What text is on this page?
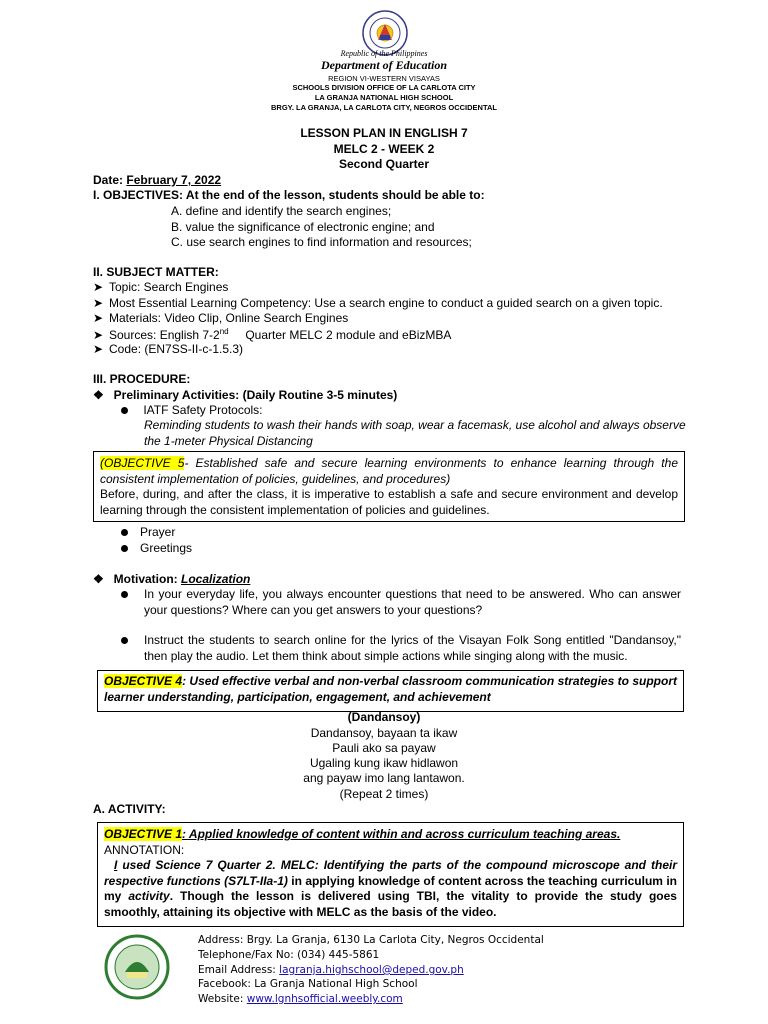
Republic of the Philippines
Department of Education
REGION VI-WESTERN VISAYAS
SCHOOLS DIVISION OFFICE OF LA CARLOTA CITY
LA GRANJA NATIONAL HIGH SCHOOL
BRGY. LA GRANJA, LA CARLOTA CITY, NEGROS OCCIDENTAL
LESSON PLAN IN ENGLISH 7
MELC 2 - WEEK 2
Second Quarter
Date: February 7, 2022
I. OBJECTIVES: At the end of the lesson, students should be able to:
A. define and identify the search engines;
B. value the significance of electronic engine; and
C. use search engines to find information and resources;
II. SUBJECT MATTER:
➤ Topic: Search Engines
➤ Most Essential Learning Competency: Use a search engine to conduct a guided search on a given topic.
➤ Materials: Video Clip, Online Search Engines
➤ Sources: English 7-2nd Quarter MELC 2 module and eBizMBA
➤ Code: (EN7SS-II-c-1.5.3)
III. PROCEDURE:
❖ Preliminary Activities: (Daily Routine 3-5 minutes)
IATF Safety Protocols:
Reminding students to wash their hands with soap, wear a facemask, use alcohol and always observe
the 1-meter Physical Distancing
(OBJECTIVE 5- Established safe and secure learning environments to enhance learning through the consistent implementation of policies, guidelines, and procedures)
Before, during, and after the class, it is imperative to establish a safe and secure environment and develop learning through the consistent implementation of policies and guidelines.
Prayer
Greetings
❖ Motivation: Localization
In your everyday life, you always encounter questions that need to be answered. Who can answer your questions? Where can you get answers to your questions?
Instruct the students to search online for the lyrics of the Visayan Folk Song entitled "Dandansoy," then play the audio. Let them think about simple actions while singing along with the music.
OBJECTIVE 4: Used effective verbal and non-verbal classroom communication strategies to support learner understanding, participation, engagement, and achievement
(Dandansoy)
Dandansoy, bayaan ta ikaw
Pauli ako sa payaw
Ugaling kung ikaw hidlawon
ang payaw imo lang lantawon.
(Repeat 2 times)
A. ACTIVITY:
OBJECTIVE 1: Applied knowledge of content within and across curriculum teaching areas.
ANNOTATION:
I used Science 7 Quarter 2. MELC: Identifying the parts of the compound microscope and their respective functions (S7LT-IIa-1) in applying knowledge of content across the teaching curriculum in my activity. Though the lesson is delivered using TBI, the vitality to provide the study goes smoothly, attaining its objective with MELC as the basis of the video.
Address: Brgy. La Granja, 6130 La Carlota City, Negros Occidental
Telephone/Fax No: (034) 445-5861
Email Address: lagranja.highschool@deped.gov.ph
Facebook: La Granja National High School
Website: www.lgnhsofficial.weebly.com
